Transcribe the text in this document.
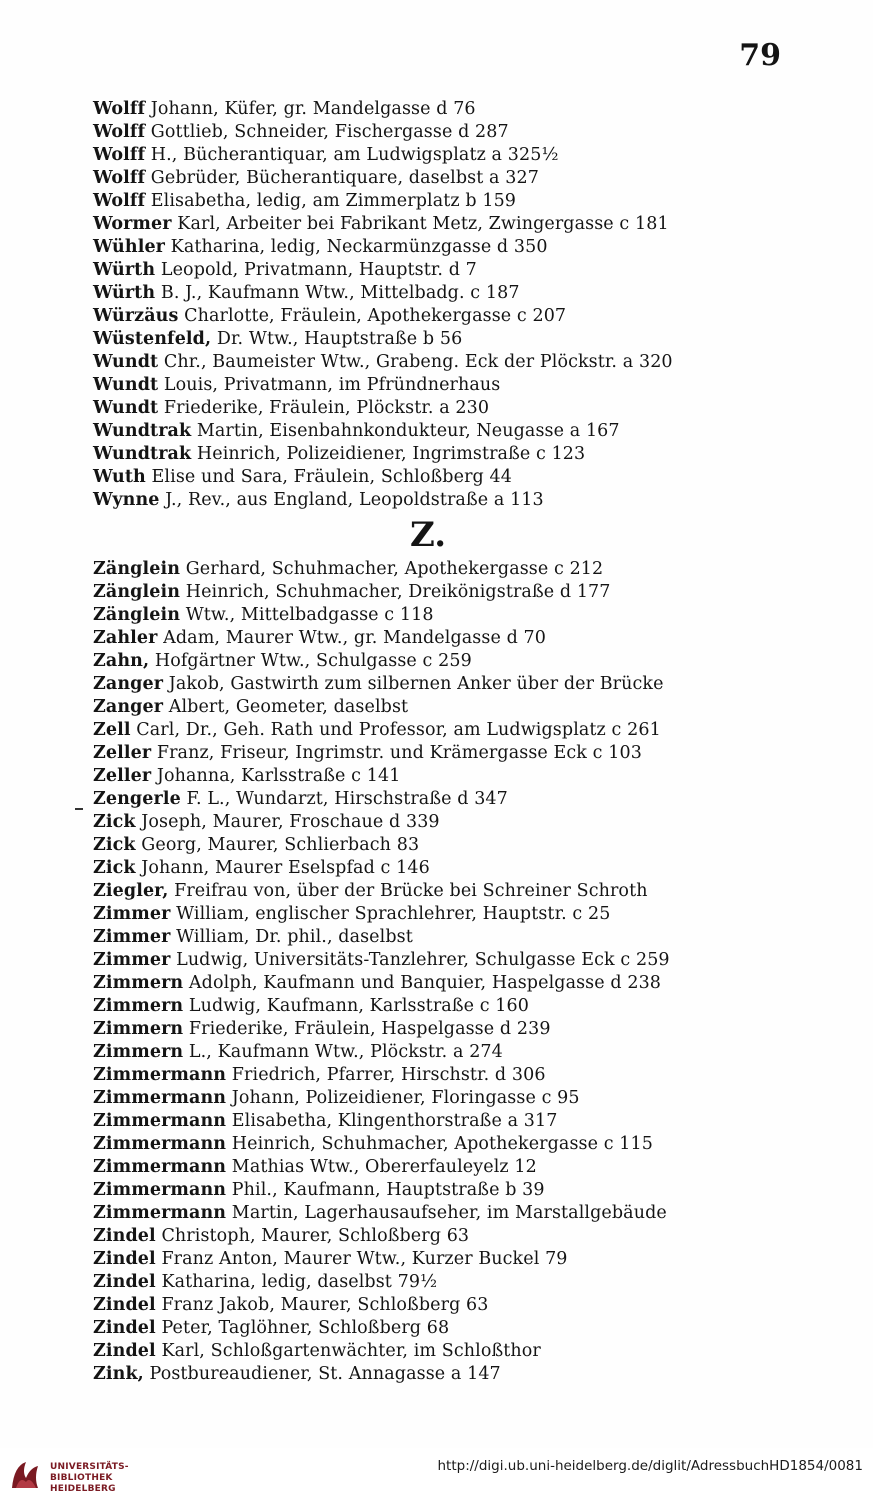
79
Wolff Johann, Küfer, gr. Mandelgasse d 76
Wolff Gottlieb, Schneider, Fischergasse d 287
Wolff H., Bücherantiquar, am Ludwigsplatz a 325½
Wolff Gebrüder, Bücherantiquare, daselbst a 327
Wolff Elisabetha, ledig, am Zimmerplatz b 159
Wormer Karl, Arbeiter bei Fabrikant Metz, Zwingergasse c 181
Wühler Katharina, ledig, Neckarmünzgasse d 350
Würth Leopold, Privatmann, Hauptstr. d 7
Würth B. J., Kaufmann Wtw., Mittelbadg. c 187
Würzäus Charlotte, Fräulein, Apothekergasse c 207
Wüstenfeld, Dr. Wtw., Hauptstraße b 56
Wundt Chr., Baumeister Wtw., Grabeng. Eck der Plöckstr. a 320
Wundt Louis, Privatmann, im Pfründnerhaus
Wundt Friederike, Fräulein, Plöckstr. a 230
Wundtrak Martin, Eisenbahnkondukteur, Neugasse a 167
Wundtrak Heinrich, Polizeidiener, Ingrimstraße c 123
Wuth Elise und Sara, Fräulein, Schloßberg 44
Wynne J., Rev., aus England, Leopoldstraße a 113
Z.
Zänglein Gerhard, Schuhmacher, Apothekergasse c 212
Zänglein Heinrich, Schuhmacher, Dreikönigstraße d 177
Zänglein Wtw., Mittelbadgasse c 118
Zahler Adam, Maurer Wtw., gr. Mandelgasse d 70
Zahn, Hofgärtner Wtw., Schulgasse c 259
Zanger Jakob, Gastwirth zum silbernen Anker über der Brücke
Zanger Albert, Geometer, daselbst
Zell Carl, Dr., Geh. Rath und Professor, am Ludwigsplatz c 261
Zeller Franz, Friseur, Ingrimstr. und Krämergasse Eck c 103
Zeller Johanna, Karlsstraße c 141
Zengerle F. L., Wundarzt, Hirschstraße d 347
Zick Joseph, Maurer, Froschaue d 339
Zick Georg, Maurer, Schlierbach 83
Zick Johann, Maurer Eselspfad c 146
Ziegler, Freifrau von, über der Brücke bei Schreiner Schroth
Zimmer William, englischer Sprachlehrer, Hauptstr. c 25
Zimmer William, Dr. phil., daselbst
Zimmer Ludwig, Universitäts-Tanzlehrer, Schulgasse Eck c 259
Zimmern Adolph, Kaufmann und Banquier, Haspelgasse d 238
Zimmern Ludwig, Kaufmann, Karlsstraße c 160
Zimmern Friederike, Fräulein, Haspelgasse d 239
Zimmern L., Kaufmann Wtw., Plöckstr. a 274
Zimmermann Friedrich, Pfarrer, Hirschstr. d 306
Zimmermann Johann, Polizeidiener, Floringasse c 95
Zimmermann Elisabetha, Klingenthorstraße a 317
Zimmermann Heinrich, Schuhmacher, Apothekergasse c 115
Zimmermann Mathias Wtw., Obererfauleyelz 12
Zimmermann Phil., Kaufmann, Hauptstraße b 39
Zimmermann Martin, Lagerhausaufseher, im Marstallgebäude
Zindel Christoph, Maurer, Schloßberg 63
Zindel Franz Anton, Maurer Wtw., Kurzer Buckel 79
Zindel Katharina, ledig, daselbst 79½
Zindel Franz Jakob, Maurer, Schloßberg 63
Zindel Peter, Taglöhner, Schloßberg 68
Zindel Karl, Schloßgartenwächter, im Schloßthor
Zink, Postbureaudiener, St. Annagasse a 147
UNIVERSITÄTS-
BIBLIOTHEK
HEIDELBERG
http://digi.ub.uni-heidelberg.de/diglit/AdressbuchHD1854/0081
